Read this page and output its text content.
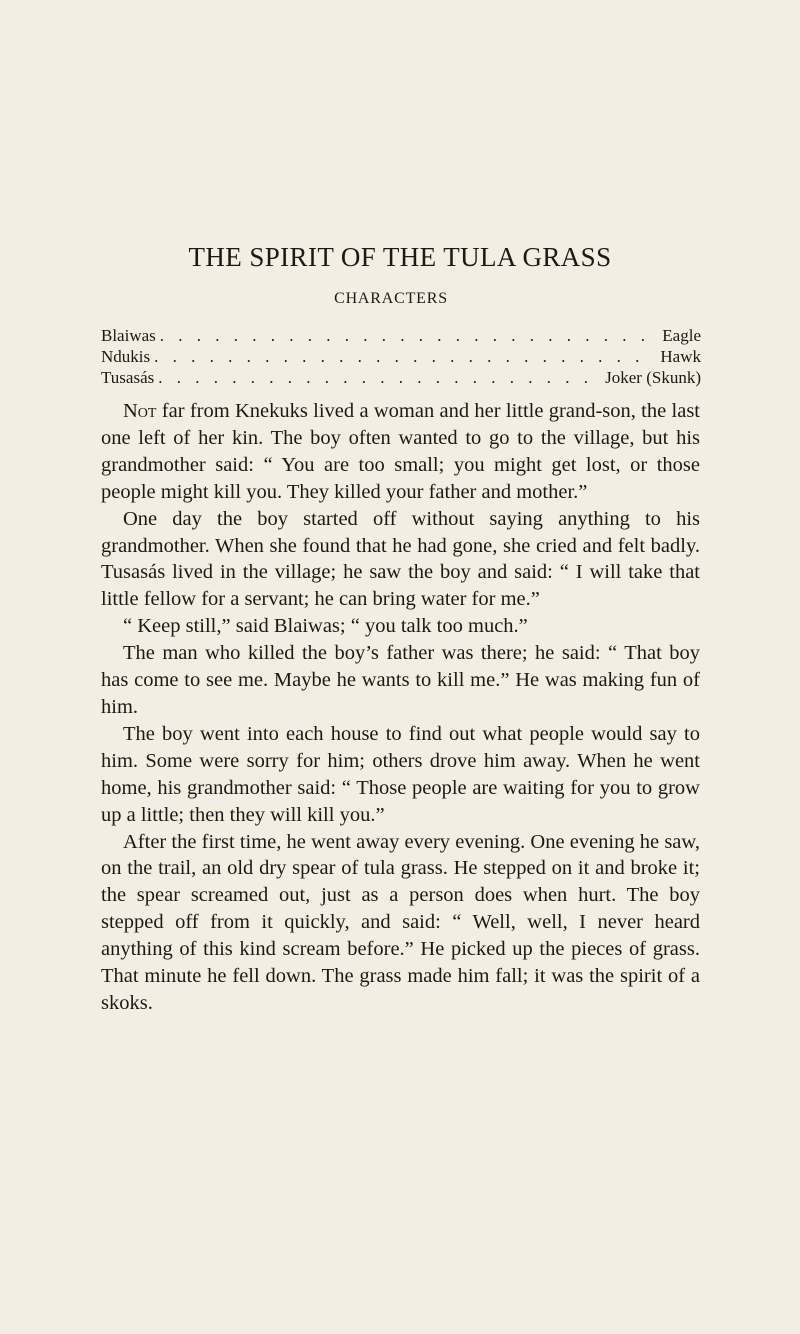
THE SPIRIT OF THE TULA GRASS
CHARACTERS
Blaiwas . . .	Eagle
Ndukis . . .	Hawk
Tusasás . . .	Joker (Skunk)

Not far from Knekuks lived a woman and her little grand-son, the last one left of her kin. The boy often wanted to go to the village, but his grandmother said: “ You are too small; you might get lost, or those people might kill you. They killed your father and mother.”

One day the boy started off without saying anything to his grandmother. When she found that he had gone, she cried and felt badly. Tusasás lived in the village; he saw the boy and said: “ I will take that little fellow for a servant; he can bring water for me.”

“ Keep still,” said Blaiwas; “ you talk too much.”

The man who killed the boy’s father was there; he said: “ That boy has come to see me. Maybe he wants to kill me.” He was making fun of him.

The boy went into each house to find out what people would say to him. Some were sorry for him; others drove him away. When he went home, his grandmother said: “ Those people are waiting for you to grow up a little; then they will kill you.”

After the first time, he went away every evening. One evening he saw, on the trail, an old dry spear of tula grass. He stepped on it and broke it; the spear screamed out, just as a person does when hurt. The boy stepped off from it quickly, and said: “ Well, well, I never heard anything of this kind scream before.” He picked up the pieces of grass. That minute he fell down. The grass made him fall; it was the spirit of a skoks.
